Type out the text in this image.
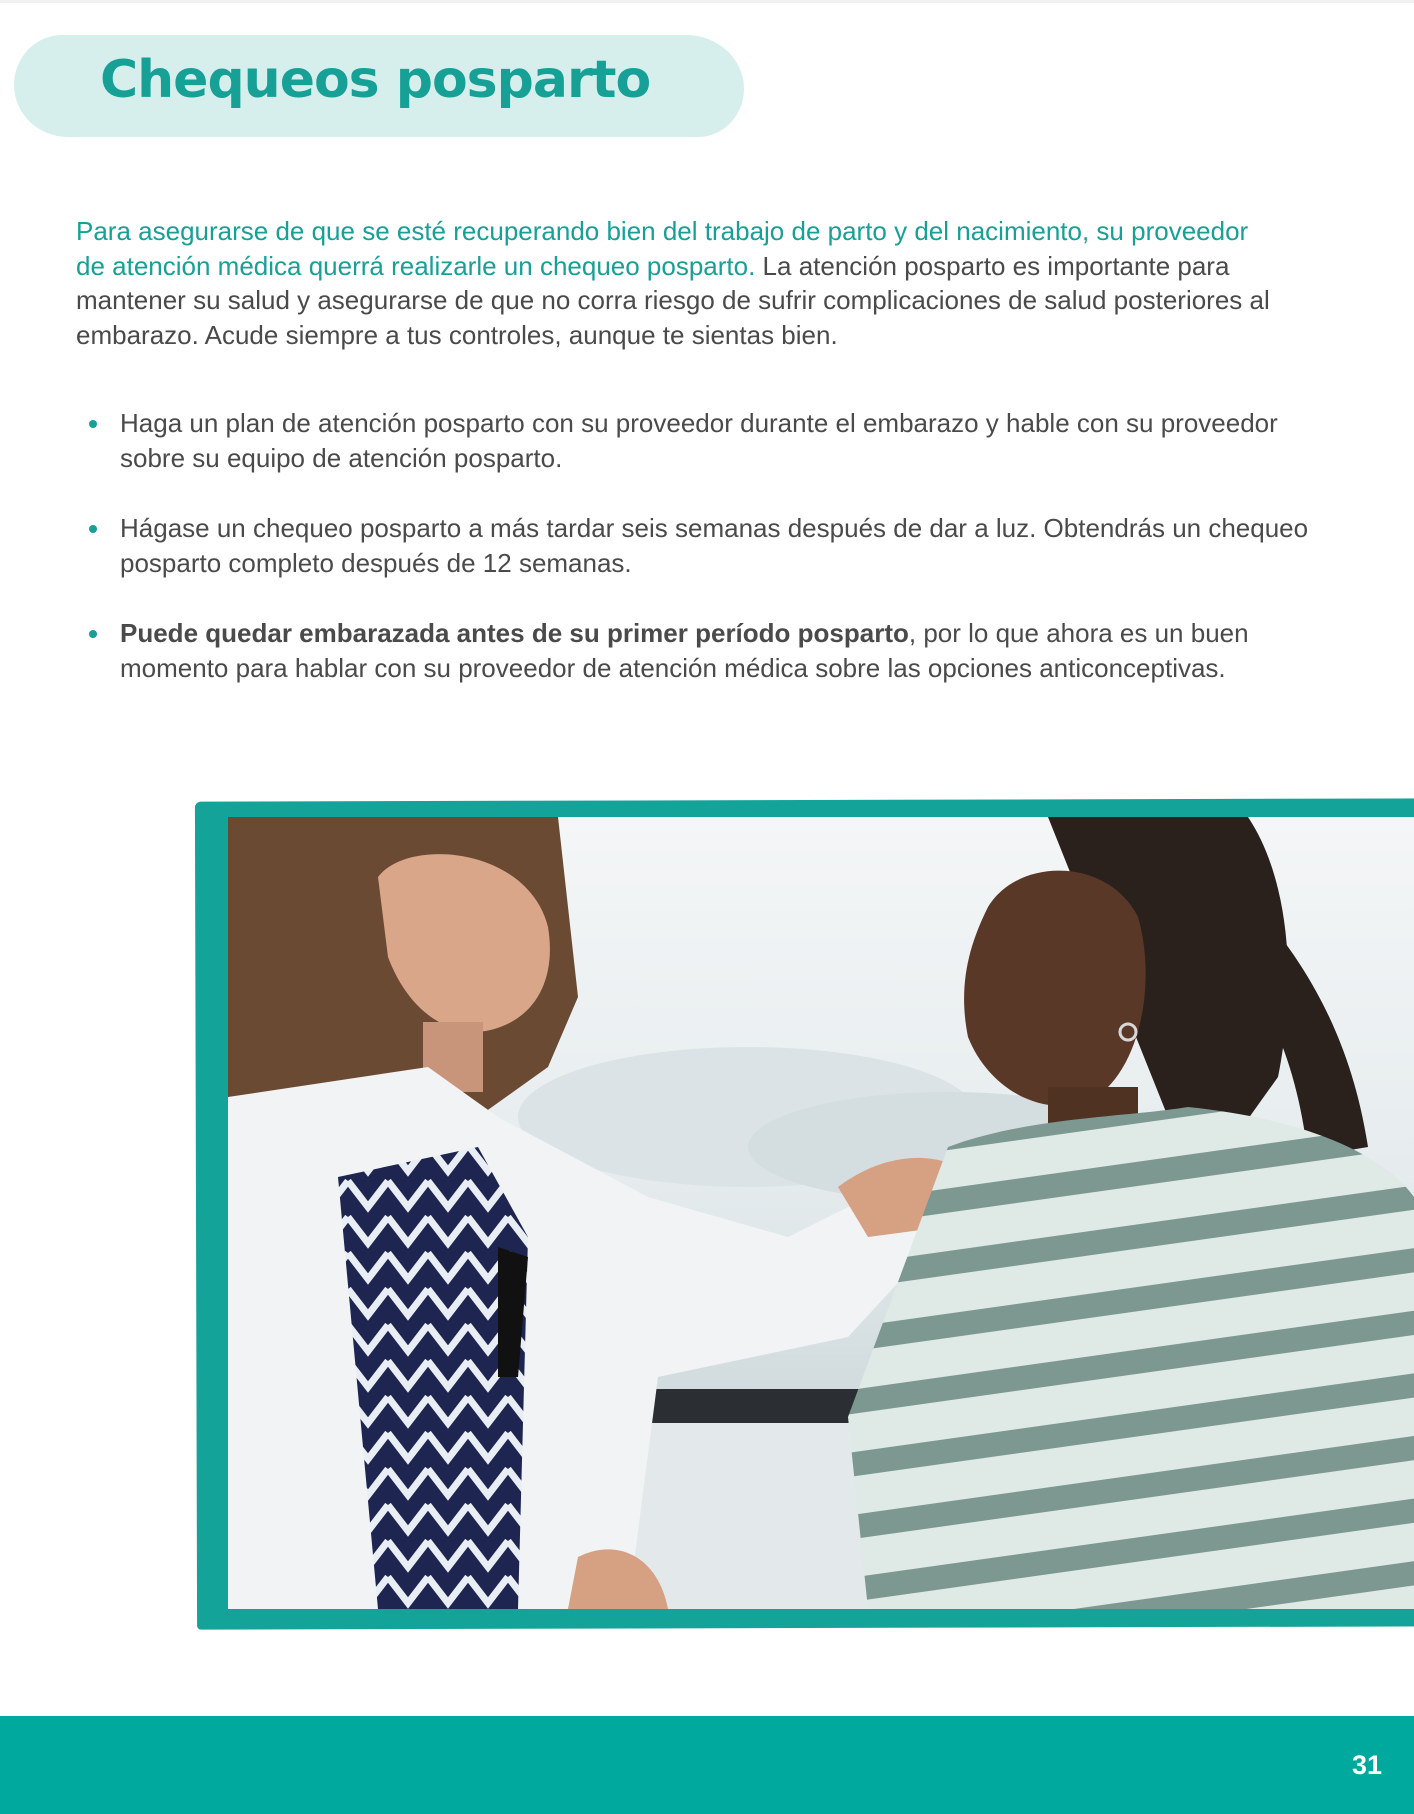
Chequeos posparto

Para asegurarse de que se esté recuperando bien del trabajo de parto y del nacimiento, su proveedor de atención médica querrá realizarle un chequeo posparto. La atención posparto es importante para mantener su salud y asegurarse de que no corra riesgo de sufrir complicaciones de salud posteriores al embarazo. Acude siempre a tus controles, aunque te sientas bien.

Haga un plan de atención posparto con su proveedor durante el embarazo y hable con su proveedor sobre su equipo de atención posparto.
Hágase un chequeo posparto a más tardar seis semanas después de dar a luz. Obtendrás un chequeo posparto completo después de 12 semanas.
Puede quedar embarazada antes de su primer período posparto, por lo que ahora es un buen momento para hablar con su proveedor de atención médica sobre las opciones anticonceptivas.
31
